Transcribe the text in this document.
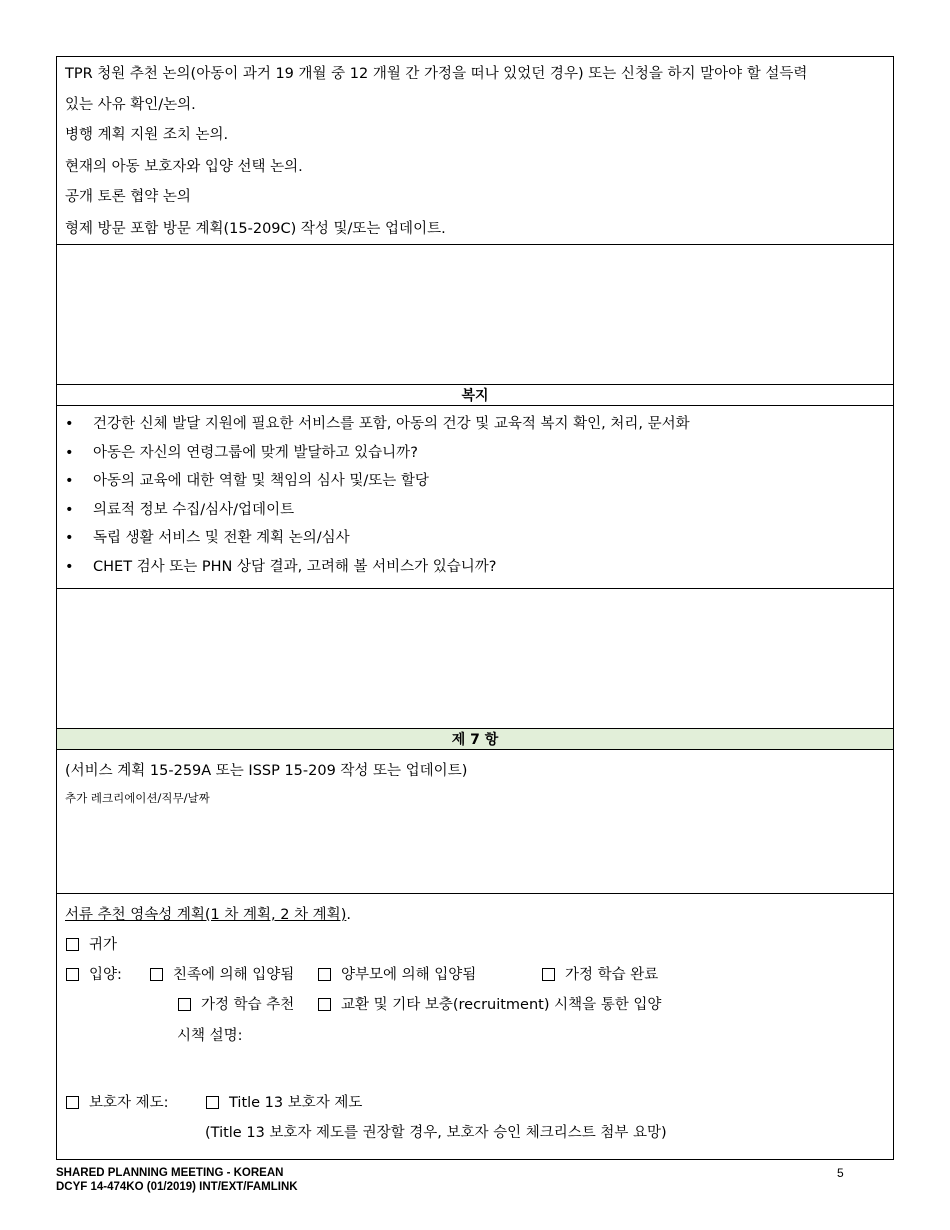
TPR 청원 추천 논의(아동이 과거 19 개월 중 12 개월 간 가정을 떠나 있었던 경우) 또는 신청을 하지 말아야 할 설득력
있는 사유 확인/논의.
병행 계획 지원 조치 논의.
현재의 아동 보호자와 입양 선택 논의.
공개 토론 협약 논의
형제 방문 포함 방문 계획(15-209C) 작성 및/또는 업데이트.
복지
• 건강한 신체 발달 지원에 필요한 서비스를 포함, 아동의 건강 및 교육적 복지 확인, 처리, 문서화
• 아동은 자신의 연령그룹에 맞게 발달하고 있습니까?
• 아동의 교육에 대한 역할 및 책임의 심사 및/또는 할당
• 의료적 정보 수집/심사/업데이트
• 독립 생활 서비스 및 전환 계획 논의/심사
• CHET 검사 또는 PHN 상담 결과, 고려해 볼 서비스가 있습니까?
제 7 항
(서비스 계획 15-259A 또는 ISSP 15-209 작성 또는 업데이트)
추가 레크리에이션/직무/날짜
서류 추천 영속성 계획(1 차 계획, 2 차 계획).
귀가
입양:	친족에 의해 입양됨	양부모에 의해 입양됨	가정 학습 완료
가정 학습 추천	교환 및 기타 보충(recruitment) 시책을 통한 입양
시책 설명:
보호자 제도:	Title 13 보호자 제도
(Title 13 보호자 제도를 권장할 경우, 보호자 승인 체크리스트 첨부 요망)
SHARED PLANNING MEETING - KOREAN
DCYF 14-474KO (01/2019) INT/EXT/FAMLINK
5
